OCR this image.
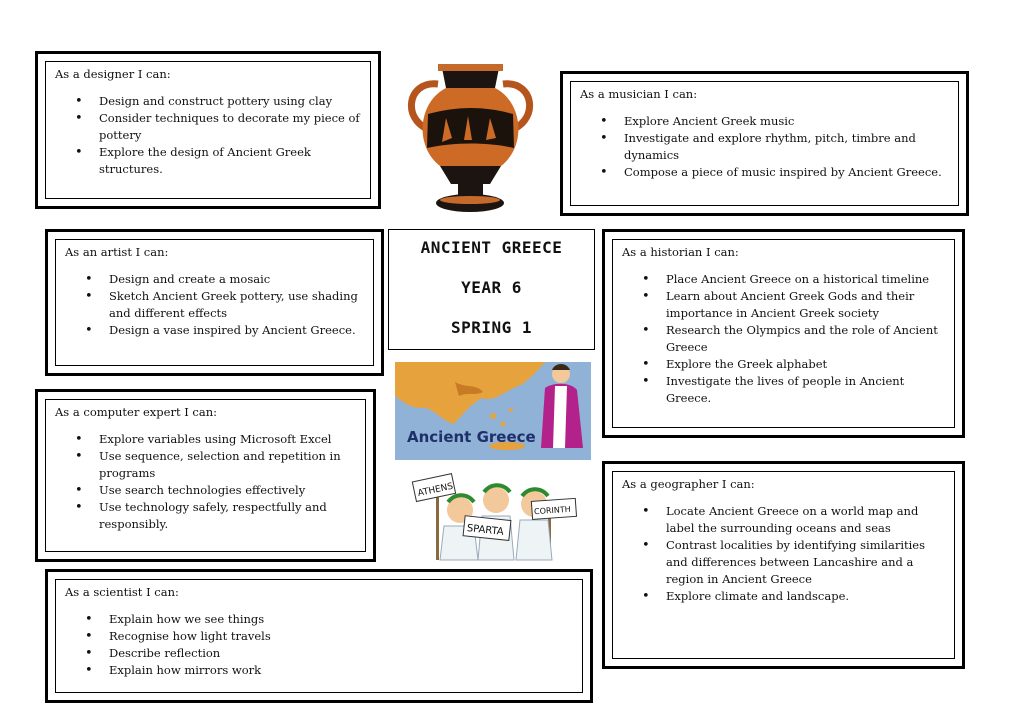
As a designer I can:
• Design and construct pottery using clay
• Consider techniques to decorate my piece of pottery
• Explore the design of Ancient Greek structures.
As a musician I can:
• Explore Ancient Greek music
• Investigate and explore rhythm, pitch, timbre and dynamics
• Compose a piece of music inspired by Ancient Greece.
As an artist I can:
• Design and create a mosaic
• Sketch Ancient Greek pottery, use shading and different effects
• Design a vase inspired by Ancient Greece.
As a historian I can:
• Place Ancient Greece on a historical timeline
• Learn about Ancient Greek Gods and their importance in Ancient Greek society
• Research the Olympics and the role of Ancient Greece
• Explore the Greek alphabet
• Investigate the lives of people in Ancient Greece.
As a computer expert I can:
• Explore variables using Microsoft Excel
• Use sequence, selection and repetition in programs
• Use search technologies effectively
• Use technology safely, respectfully and responsibly.
As a geographer I can:
• Locate Ancient Greece on a world map and label the surrounding oceans and seas
• Contrast localities by identifying similarities and differences between Lancashire and a region in Ancient Greece
• Explore climate and landscape.
As a scientist I can:
• Explain how we see things
• Recognise how light travels
• Describe reflection
• Explain how mirrors work
ANCIENT GREECE
YEAR 6
SPRING 1
Ancient Greece
ATHENS
SPARTA
CORINTH
